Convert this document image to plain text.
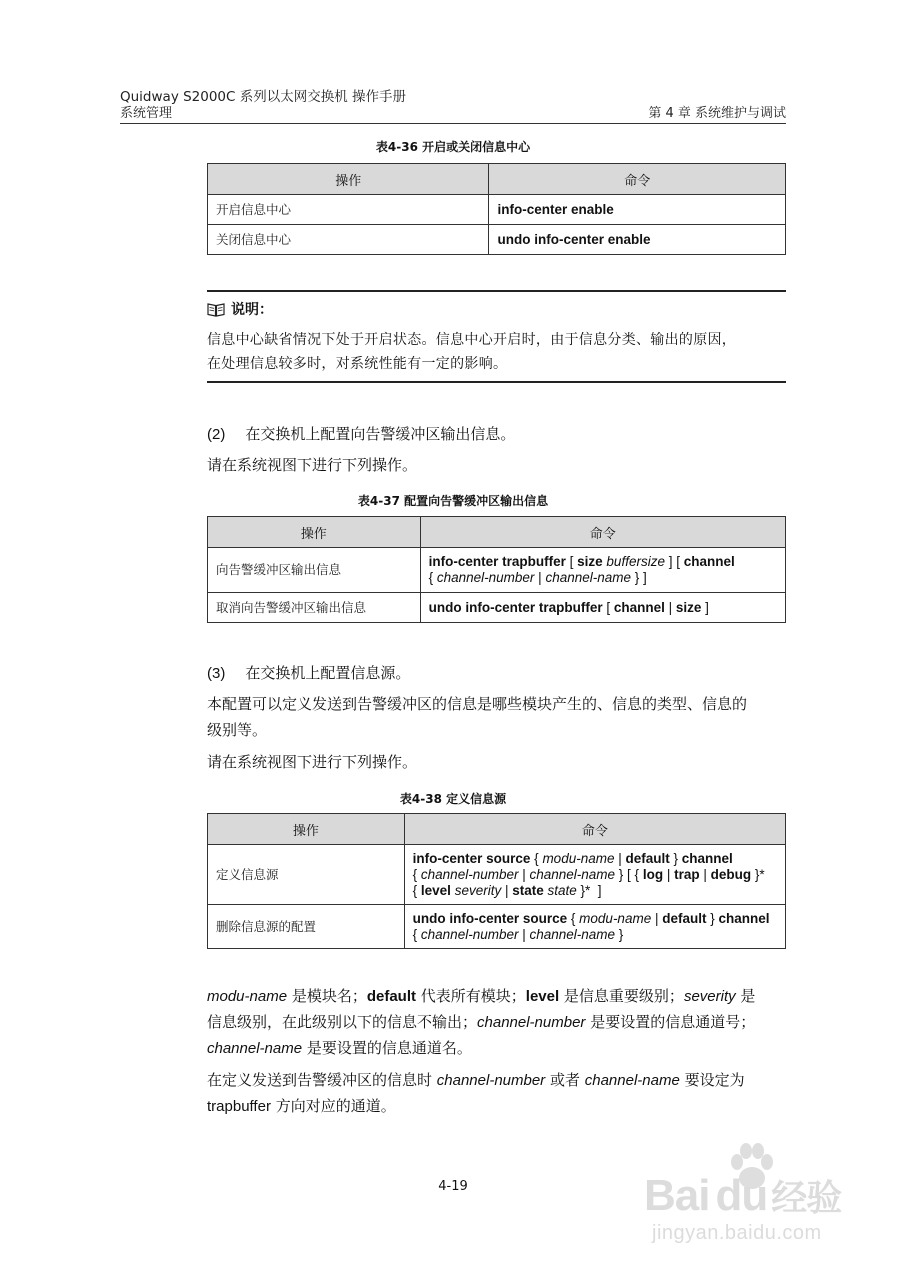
Quidway S2000C 系列以太网交换机 操作手册
系统管理	第 4 章 系统维护与调试
表4-36 开启或关闭信息中心
操作	命令
开启信息中心	info-center enable
关闭信息中心	undo info-center enable
说明：
信息中心缺省情况下处于开启状态。信息中心开启时，由于信息分类、输出的原因，
在处理信息较多时，对系统性能有一定的影响。
(2) 在交换机上配置向告警缓冲区输出信息。
请在系统视图下进行下列操作。
表4-37 配置向告警缓冲区输出信息
操作	命令
向告警缓冲区输出信息	info-center trapbuffer [ size buffersize ] [ channel
{ channel-number | channel-name } ]
取消向告警缓冲区输出信息	undo info-center trapbuffer [ channel | size ]
(3) 在交换机上配置信息源。
本配置可以定义发送到告警缓冲区的信息是哪些模块产生的、信息的类型、信息的
级别等。
请在系统视图下进行下列操作。
表4-38 定义信息源
操作	命令
定义信息源	info-center source { modu-name | default } channel
{ channel-number | channel-name } [ { log | trap | debug }*
{ level severity | state state }*  ]
删除信息源的配置	undo info-center source { modu-name | default } channel
{ channel-number | channel-name }
modu-name 是模块名；default 代表所有模块；level 是信息重要级别；severity 是
信息级别，在此级别以下的信息不输出；channel-number 是要设置的信息通道号；
channel-name 是要设置的信息通道名。
在定义发送到告警缓冲区的信息时 channel-number 或者 channel-name 要设定为
trapbuffer 方向对应的通道。
4-19	Bai du 经验
jingyan.baidu.com
